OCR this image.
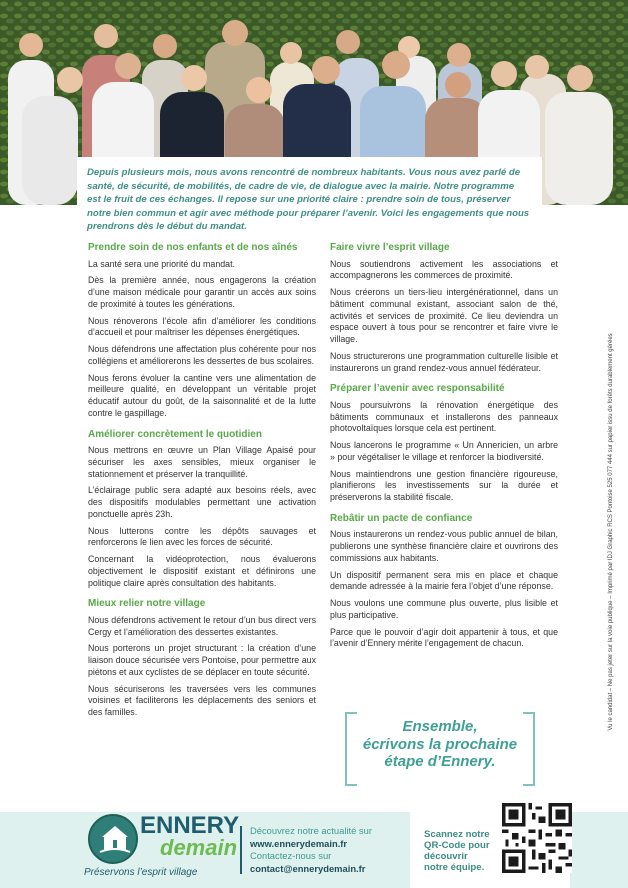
Depuis plusieurs mois, nous avons rencontré de nombreux habitants. Vous nous avez parlé de santé, de sécurité, de mobilités, de cadre de vie, de dialogue avec la mairie. Notre programme est le fruit de ces échanges. Il repose sur une priorité claire : prendre soin de tous, préserver notre bien commun et agir avec méthode pour préparer l’avenir. Voici les engagements que nous prendrons dès le début du mandat.
Prendre soin de nos enfants et de nos aînés

La santé sera une priorité du mandat.

Dès la première année, nous engagerons la création d’une maison médicale pour garantir un accès aux soins de proximité à toutes les générations.

Nous rénoverons l’école afin d’améliorer les conditions d’accueil et pour maîtriser les dépenses énergétiques.

Nous défendrons une affectation plus cohérente pour nos collégiens et améliorerons les dessertes de bus scolaires.

Nous ferons évoluer la cantine vers une alimentation de meilleure qualité, en développant un véritable projet éducatif autour du goût, de la saisonnalité et de la lutte contre le gaspillage.

Améliorer concrètement le quotidien

Nous mettrons en œuvre un Plan Village Apaisé pour sécuriser les axes sensibles, mieux organiser le stationnement et préserver la tranquillité.

L’éclairage public sera adapté aux besoins réels, avec des dispositifs modulables permettant une activation ponctuelle après 23h.

Nous lutterons contre les dépôts sauvages et renforcerons le lien avec les forces de sécurité.

Concernant la vidéoprotection, nous évaluerons objectivement le dispositif existant et définirons une politique claire après consultation des habitants.

Mieux relier notre village

Nous défendrons activement le retour d’un bus direct vers Cergy et l’amélioration des dessertes existantes.

Nous porterons un projet structurant : la création d’une liaison douce sécurisée vers Pontoise, pour permettre aux piétons et aux cyclistes de se déplacer en toute sécurité.

Nous sécuriserons les traversées vers les communes voisines et faciliterons les déplacements des seniors et des familles.

Faire vivre l’esprit village

Nous soutiendrons activement les associations et accompagnerons les commerces de proximité.

Nous créerons un tiers-lieu intergénérationnel, dans un bâtiment communal existant, associant salon de thé, activités et services de proximité. Ce lieu deviendra un espace ouvert à tous pour se rencontrer et faire vivre le village.

Nous structurerons une programmation culturelle lisible et instaurerons un grand rendez-vous annuel fédérateur.

Préparer l’avenir avec responsabilité

Nous poursuivrons la rénovation énergétique des bâtiments communaux et installerons des panneaux photovoltaïques lorsque cela est pertinent.

Nous lancerons le programme « Un Annericien, un arbre » pour végétaliser le village et renforcer la biodiversité.

Nous maintiendrons une gestion financière rigoureuse, planifierons les investissements sur la durée et préserverons la stabilité fiscale.

Rebâtir un pacte de confiance

Nous instaurerons un rendez-vous public annuel de bilan, publierons une synthèse financière claire et ouvrirons des commissions aux habitants.

Un dispositif permanent sera mis en place et chaque demande adressée à la mairie fera l’objet d’une réponse.

Nous voulons une commune plus ouverte, plus lisible et plus participative.

Parce que le pouvoir d’agir doit appartenir à tous, et que l’avenir d’Ennery mérite l’engagement de chacun.

Ensemble,
écrivons la prochaine
étape d’Ennery.
Vu le candidat – Ne pas jeter sur la voie publique – Imprimé par IDJ Graphic RCS Pontoise 525 077 444 sur papier issu de forêts durablement gérées
ENNERY
demain
Préservons l’esprit village
Découvrez notre actualité sur
www.ennerydemain.fr
Contactez-nous sur
contact@ennerydemain.fr
Scannez notre
QR-Code pour
découvrir
notre équipe.
